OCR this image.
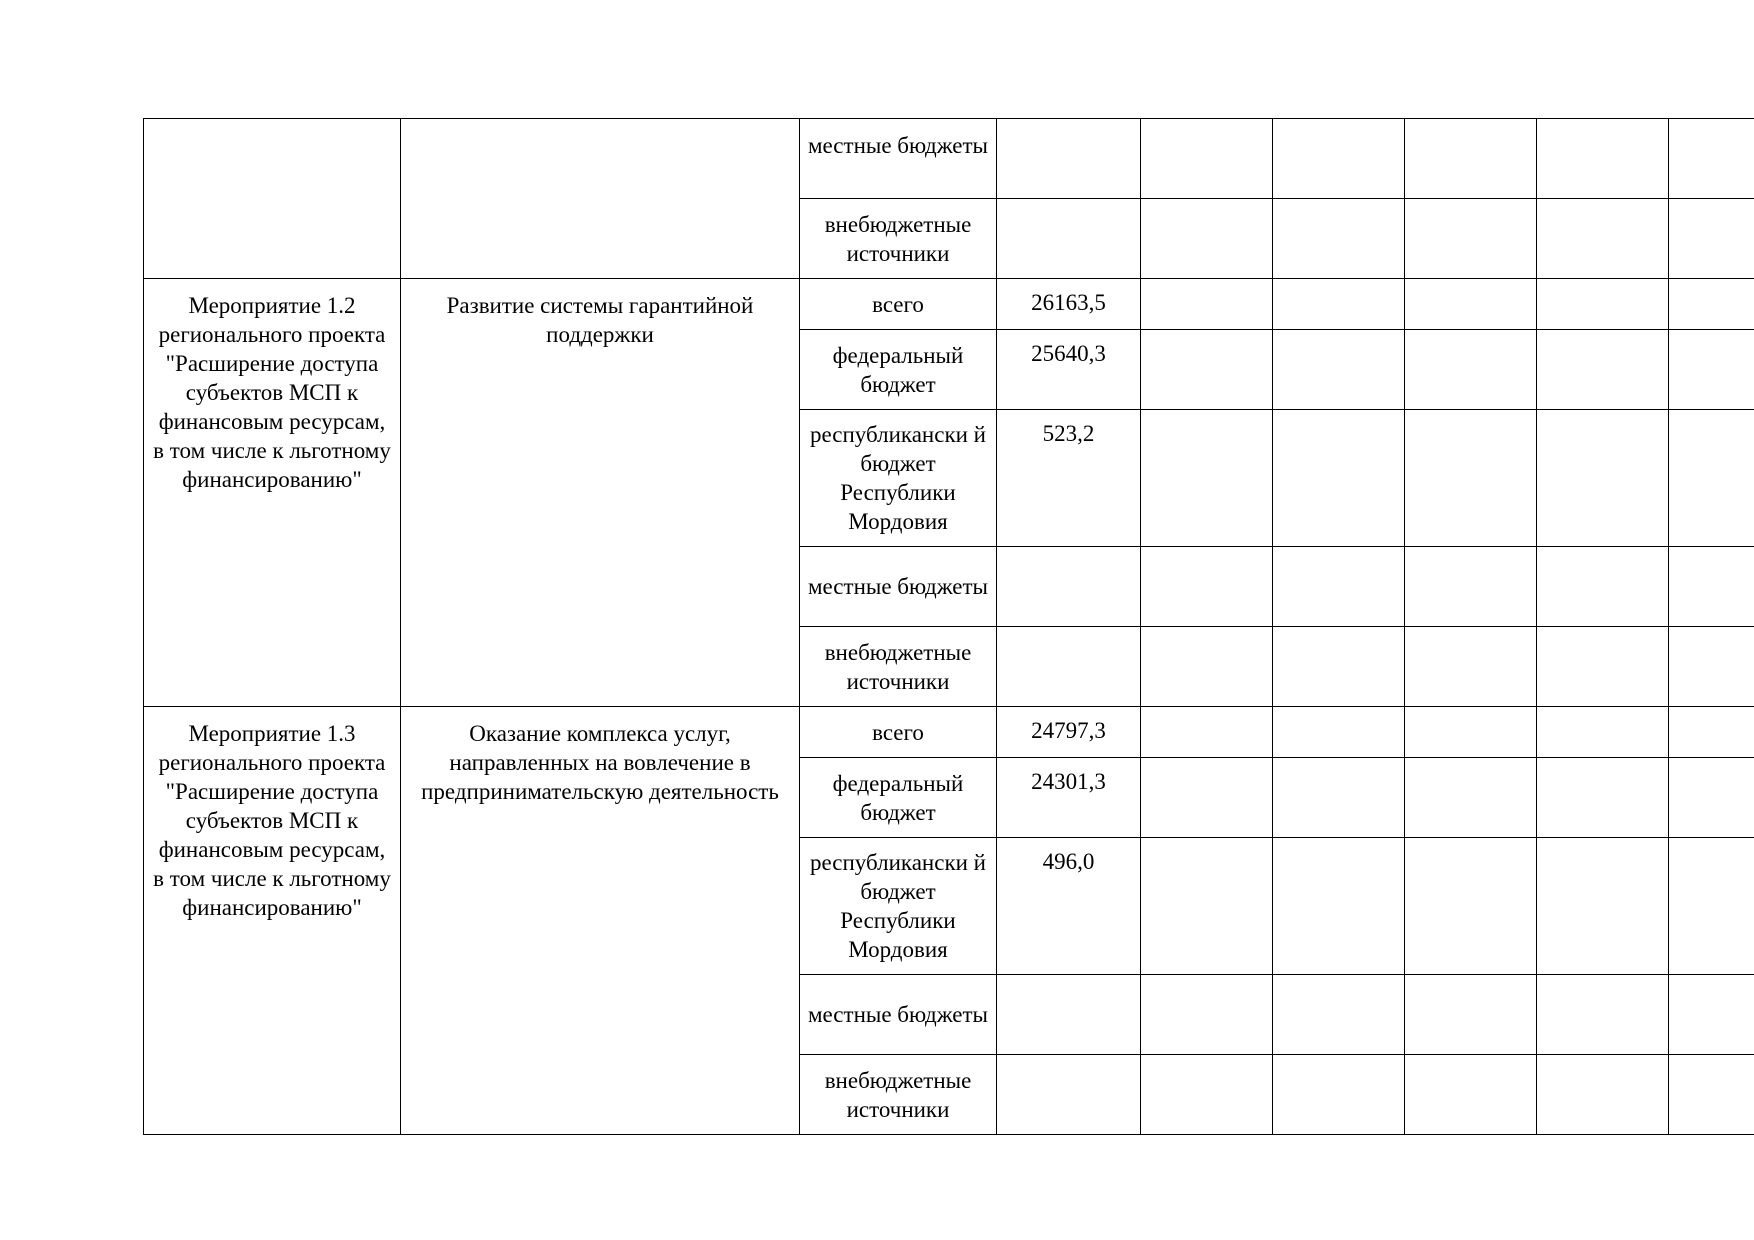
		местные бюджеты						
		внебюджетные источники						
Мероприятие 1.2 регионального проекта "Расширение доступа субъектов МСП к финансовым ресурсам, в том числе к льготному финансированию"	Развитие системы гарантийной поддержки	всего	26163,5					
		федеральный бюджет	25640,3					
		республикански й бюджет Республики Мордовия	523,2					
		местные бюджеты						
		внебюджетные источники						
Мероприятие 1.3 регионального проекта "Расширение доступа субъектов МСП к финансовым ресурсам, в том числе к льготному финансированию"	Оказание комплекса услуг, направленных на вовлечение в предпринимательскую деятельность	всего	24797,3					
		федеральный бюджет	24301,3					
		республикански й бюджет Республики Мордовия	496,0					
		местные бюджеты						
		внебюджетные источники						
